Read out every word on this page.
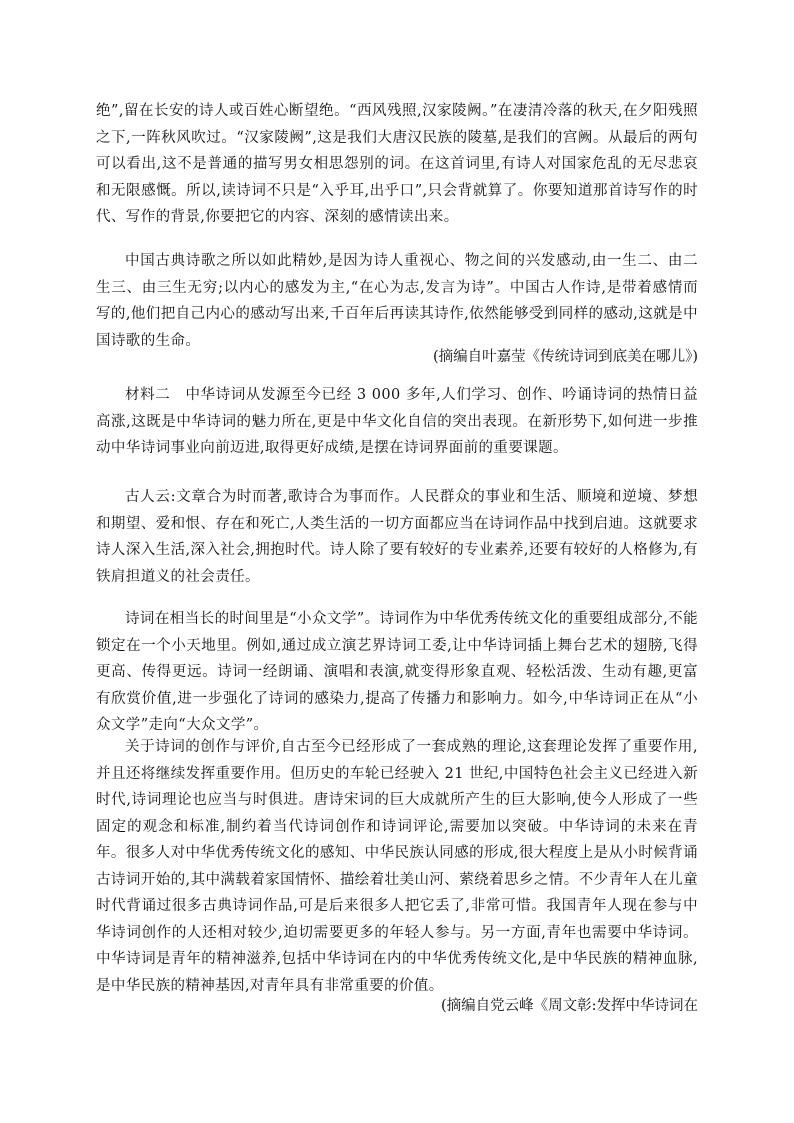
绝”,留在长安的诗人或百姓心断望绝。“西风残照,汉家陵阙。”在凄清冷落的秋天,在夕阳残照之下,一阵秋风吹过。“汉家陵阙”,这是我们大唐汉民族的陵墓,是我们的宫阙。从最后的两句可以看出,这不是普通的描写男女相思怨别的词。在这首词里,有诗人对国家危乱的无尽悲哀和无限感慨。所以,读诗词不只是“入乎耳,出乎口”,只会背就算了。你要知道那首诗写作的时代、写作的背景,你要把它的内容、深刻的感情读出来。

中国古典诗歌之所以如此精妙,是因为诗人重视心、物之间的兴发感动,由一生二、由二生三、由三生无穷;以内心的感发为主,“在心为志,发言为诗”。中国古人作诗,是带着感情而写的,他们把自己内心的感动写出来,千百年后再读其诗作,依然能够受到同样的感动,这就是中国诗歌的生命。

(摘编自叶嘉莹《传统诗词到底美在哪儿》)

材料二　中华诗词从发源至今已经 3 000 多年,人们学习、创作、吟诵诗词的热情日益高涨,这既是中华诗词的魅力所在,更是中华文化自信的突出表现。在新形势下,如何进一步推动中华诗词事业向前迈进,取得更好成绩,是摆在诗词界面前的重要课题。

古人云:文章合为时而著,歌诗合为事而作。人民群众的事业和生活、顺境和逆境、梦想和期望、爱和恨、存在和死亡,人类生活的一切方面都应当在诗词作品中找到启迪。这就要求诗人深入生活,深入社会,拥抱时代。诗人除了要有较好的专业素养,还要有较好的人格修为,有铁肩担道义的社会责任。

诗词在相当长的时间里是“小众文学”。诗词作为中华优秀传统文化的重要组成部分,不能锁定在一个小天地里。例如,通过成立演艺界诗词工委,让中华诗词插上舞台艺术的翅膀,飞得更高、传得更远。诗词一经朗诵、演唱和表演,就变得形象直观、轻松活泼、生动有趣,更富有欣赏价值,进一步强化了诗词的感染力,提高了传播力和影响力。如今,中华诗词正在从“小众文学”走向“大众文学”。

关于诗词的创作与评价,自古至今已经形成了一套成熟的理论,这套理论发挥了重要作用,并且还将继续发挥重要作用。但历史的车轮已经驶入 21 世纪,中国特色社会主义已经进入新时代,诗词理论也应当与时俱进。唐诗宋词的巨大成就所产生的巨大影响,使今人形成了一些固定的观念和标准,制约着当代诗词创作和诗词评论,需要加以突破。中华诗词的未来在青年。很多人对中华优秀传统文化的感知、中华民族认同感的形成,很大程度上是从小时候背诵古诗词开始的,其中满载着家国情怀、描绘着壮美山河、萦绕着思乡之情。不少青年人在儿童时代背诵过很多古典诗词作品,可是后来很多人把它丢了,非常可惜。我国青年人现在参与中华诗词创作的人还相对较少,迫切需要更多的年轻人参与。另一方面,青年也需要中华诗词。中华诗词是青年的精神滋养,包括中华诗词在内的中华优秀传统文化,是中华民族的精神血脉,是中华民族的精神基因,对青年具有非常重要的价值。

(摘编自党云峰《周文彰:发挥中华诗词在
